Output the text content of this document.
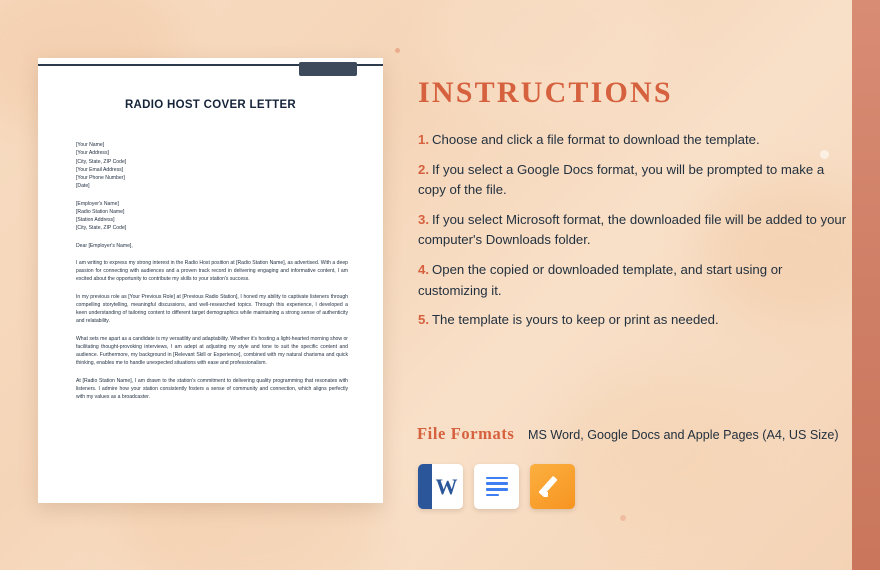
RADIO HOST COVER LETTER

[Your Name]

[Your Address]

[City, State, ZIP Code]

[Your Email Address]

[Your Phone Number]

[Date]

[Employer's Name]

[Radio Station Name]

[Station Address]

[City, State, ZIP Code]

Dear [Employer's Name],
I am writing to express my strong interest in the Radio Host position at [Radio Station Name], as advertised. With a deep passion for connecting with audiences and a proven track record in delivering engaging and informative content, I am excited about the opportunity to contribute my skills to your station's success.
In my previous role as [Your Previous Role] at [Previous Radio Station], I honed my ability to captivate listeners through compelling storytelling, meaningful discussions, and well-researched topics. Through this experience, I developed a keen understanding of tailoring content to different target demographics while maintaining a strong sense of authenticity and relatability.
What sets me apart as a candidate is my versatility and adaptability. Whether it's hosting a light-hearted morning show or facilitating thought-provoking interviews, I am adept at adjusting my style and tone to suit the specific content and audience. Furthermore, my background in [Relevant Skill or Experience], combined with my natural charisma and quick thinking, enables me to handle unexpected situations with ease and professionalism.
At [Radio Station Name], I am drawn to the station's commitment to delivering quality programming that resonates with listeners. I admire how your station consistently fosters a sense of community and connection, which aligns perfectly with my values as a broadcaster.
INSTRUCTIONS
1. Choose and click a file format to download the template.
2. If you select a Google Docs format, you will be prompted to make a copy of the file.
3. If you select Microsoft format, the downloaded file will be added to your computer's Downloads folder.
4. Open the copied or downloaded template, and start using or customizing it.
5. The template is yours to keep or print as needed.
File Formats MS Word, Google Docs and Apple Pages (A4, US Size)
W
